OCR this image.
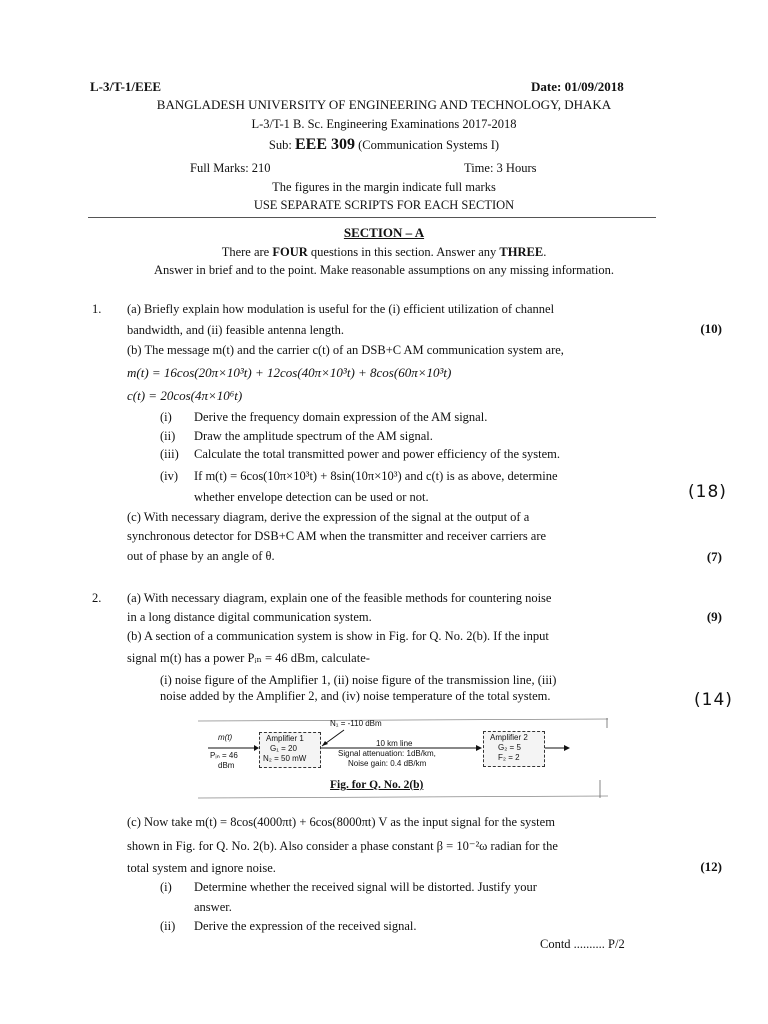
L-3/T-1/EEE	Date: 01/09/2018
BANGLADESH UNIVERSITY OF ENGINEERING AND TECHNOLOGY, DHAKA
L-3/T-1 B. Sc. Engineering Examinations 2017-2018
Sub: EEE 309 (Communication Systems I)
Full Marks: 210	Time: 3 Hours
The figures in the margin indicate full marks
USE SEPARATE SCRIPTS FOR EACH SECTION
SECTION – A
There are FOUR questions in this section. Answer any THREE.
Answer in brief and to the point. Make reasonable assumptions on any missing information.
1. (a) Briefly explain how modulation is useful for the (i) efficient utilization of channel
bandwidth, and (ii) feasible antenna length.	(10)
(b) The message m(t) and the carrier c(t) of an DSB+C AM communication system are,
m(t) = 16cos(20π×10³t) + 12cos(40π×10³t) + 8cos(60π×10³t)
c(t) = 20cos(4π×10⁶t)
(i) Derive the frequency domain expression of the AM signal.
(ii) Draw the amplitude spectrum of the AM signal.
(iii) Calculate the total transmitted power and power efficiency of the system.
(iv) If m(t) = 6cos(10π×10³t) + 8sin(10π×10³) and c(t) is as above, determine
whether envelope detection can be used or not.	(18)
(c) With necessary diagram, derive the expression of the signal at the output of a
synchronous detector for DSB+C AM when the transmitter and receiver carriers are
out of phase by an angle of θ.	(7)
2. (a) With necessary diagram, explain one of the feasible methods for countering noise
in a long distance digital communication system.	(9)
(b) A section of a communication system is show in Fig. for Q. No. 2(b). If the input
signal m(t) has a power Pᵢₙ = 46 dBm, calculate-
(i) noise figure of the Amplifier 1, (ii) noise figure of the transmission line, (iii)
noise added by the Amplifier 2, and (iv) noise temperature of the total system.	(14)
N₁ = -110 dBm
m(t)
Pᵢₙ = 46
dBm
Amplifier 1
G₁ = 20
N₂ = 50 mW
10 km line
Signal attenuation: 1dB/km,
Noise gain: 0.4 dB/km
Amplifier 2
G₂ = 5
F₂ = 2
Fig. for Q. No. 2(b)
(c) Now take m(t) = 8cos(4000πt) + 6cos(8000πt) V as the input signal for the system
shown in Fig. for Q. No. 2(b). Also consider a phase constant β = 10⁻²ω radian for the
total system and ignore noise.	(12)
(i) Determine whether the received signal will be distorted. Justify your
answer.
(ii) Derive the expression of the received signal.
Contd .......... P/2
